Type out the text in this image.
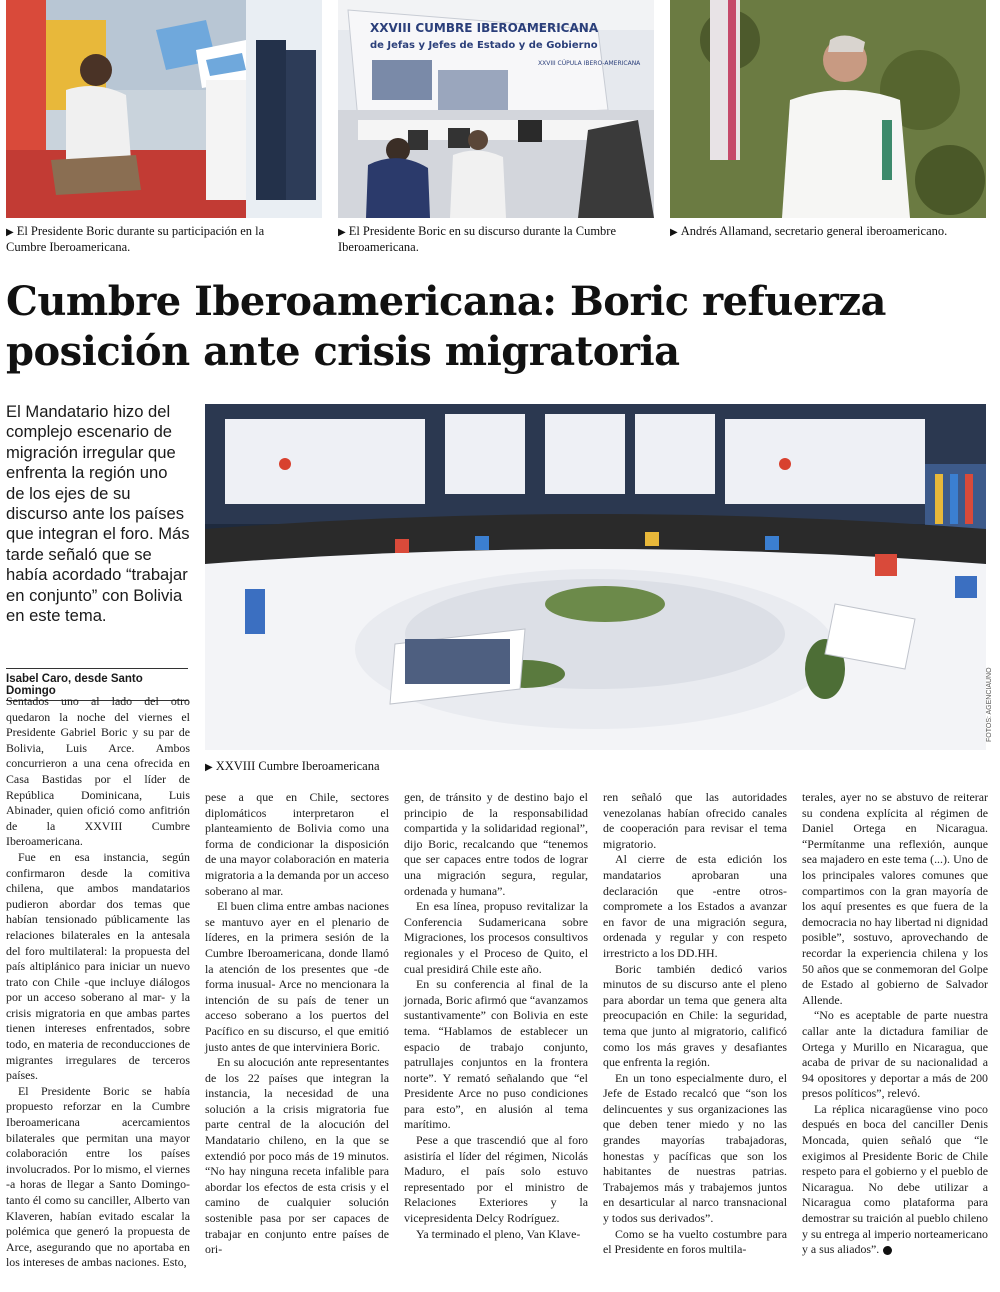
▶ El Presidente Boric durante su participación en la Cumbre Iberoamericana.
XXVIII CUMBRE IBEROAMERICANA
de Jefas y Jefes de Estado y de Gobierno
XXVIII CÚPULA IBERO-AMERICANA
▶ El Presidente Boric en su discurso durante la Cumbre Iberoamericana.
▶ Andrés Allamand, secretario general iberoamericano.
Cumbre Iberoamericana: Boric refuerza posición ante crisis migratoria
El Mandatario hizo del complejo escenario de migración irregular que enfrenta la región uno de los ejes de su discurso ante los países que integran el foro. Más tarde señaló que se había acordado “trabajar en conjunto” con Bolivia en este tema.
FOTOS: AGENCIAUNO
▶ XXVIII Cumbre Iberoamericana
Isabel Caro, desde Santo Domingo

Sentados uno al lado del otro quedaron la noche del viernes el Presidente Gabriel Boric y su par de Bolivia, Luis Arce. Ambos concurrieron a una cena ofrecida en Casa Bastidas por el líder de República Dominicana, Luis Abinader, quien ofició como anfitrión de la XXVIII Cumbre Iberoamericana.

Fue en esa instancia, según confirmaron desde la comitiva chilena, que ambos mandatarios pudieron abordar dos temas que habían tensionado públicamente las relaciones bilaterales en la antesala del foro multilateral: la propuesta del país altiplánico para iniciar un nuevo trato con Chile -que incluye diálogos por un acceso soberano al mar- y la crisis migratoria en que ambas partes tienen intereses enfrentados, sobre todo, en materia de reconducciones de migrantes irregulares de terceros países.

El Presidente Boric se había propuesto reforzar en la Cumbre Iberoamericana acercamientos bilaterales que permitan una mayor colaboración entre los países involucrados. Por lo mismo, el viernes -a horas de llegar a Santo Domingo- tanto él como su canciller, Alberto van Klaveren, habían evitado escalar la polémica que generó la propuesta de Arce, asegurando que no aportaba en los intereses de ambas naciones. Esto,

pese a que en Chile, sectores diplomáticos interpretaron el planteamiento de Bolivia como una forma de condicionar la disposición de una mayor colaboración en materia migratoria a la demanda por un acceso soberano al mar.

El buen clima entre ambas naciones se mantuvo ayer en el plenario de líderes, en la primera sesión de la Cumbre Iberoamericana, donde llamó la atención de los presentes que -de forma inusual- Arce no mencionara la intención de su país de tener un acceso soberano a los puertos del Pacífico en su discurso, el que emitió justo antes de que interviniera Boric.

En su alocución ante representantes de los 22 países que integran la instancia, la necesidad de una solución a la crisis migratoria fue parte central de la alocución del Mandatario chileno, en la que se extendió por poco más de 19 minutos. “No hay ninguna receta infalible para abordar los efectos de esta crisis y el camino de cualquier solución sostenible pasa por ser capaces de trabajar en conjunto entre países de ori-

gen, de tránsito y de destino bajo el principio de la responsabilidad compartida y la solidaridad regional”, dijo Boric, recalcando que “tenemos que ser capaces entre todos de lograr una migración segura, regular, ordenada y humana”.

En esa línea, propuso revitalizar la Conferencia Sudamericana sobre Migraciones, los procesos consultivos regionales y el Proceso de Quito, el cual presidirá Chile este año.

En su conferencia al final de la jornada, Boric afirmó que “avanzamos sustantivamente” con Bolivia en este tema. “Hablamos de establecer un espacio de trabajo conjunto, patrullajes conjuntos en la frontera norte”. Y remató señalando que “el Presidente Arce no puso condiciones para esto”, en alusión al tema marítimo.

Pese a que trascendió que al foro asistiría el líder del régimen, Nicolás Maduro, el país solo estuvo representado por el ministro de Relaciones Exteriores y la vicepresidenta Delcy Rodríguez.

Ya terminado el pleno, Van Klave-

ren señaló que las autoridades venezolanas habían ofrecido canales de cooperación para revisar el tema migratorio.

Al cierre de esta edición los mandatarios aprobaran una declaración que -entre otros- compromete a los Estados a avanzar en favor de una migración segura, ordenada y regular y con respeto irrestricto a los DD.HH.

Boric también dedicó varios minutos de su discurso ante el pleno para abordar un tema que genera alta preocupación en Chile: la seguridad, tema que junto al migratorio, calificó como los más graves y desafiantes que enfrenta la región.

En un tono especialmente duro, el Jefe de Estado recalcó que “son los delincuentes y sus organizaciones las que deben tener miedo y no las grandes mayorías trabajadoras, honestas y pacíficas que son los habitantes de nuestras patrias. Trabajemos más y trabajemos juntos en desarticular al narco transnacional y todos sus derivados”.

Como se ha vuelto costumbre para el Presidente en foros multila-

terales, ayer no se abstuvo de reiterar su condena explícita al régimen de Daniel Ortega en Nicaragua. “Permítanme una reflexión, aunque sea majadero en este tema (...). Uno de los principales valores comunes que compartimos con la gran mayoría de los aquí presentes es que fuera de la democracia no hay libertad ni dignidad posible”, sostuvo, aprovechando de recordar la experiencia chilena y los 50 años que se conmemoran del Golpe de Estado al gobierno de Salvador Allende.

“No es aceptable de parte nuestra callar ante la dictadura familiar de Ortega y Murillo en Nicaragua, que acaba de privar de su nacionalidad a 94 opositores y deportar a más de 200 presos políticos”, relevó.

La réplica nicaragüense vino poco después en boca del canciller Denis Moncada, quien señaló que “le exigimos al Presidente Boric de Chile respeto para el gobierno y el pueblo de Nicaragua. No debe utilizar a Nicaragua como plataforma para demostrar su traición al pueblo chileno y su entrega al imperio norteamericano y a sus aliados”. ●
